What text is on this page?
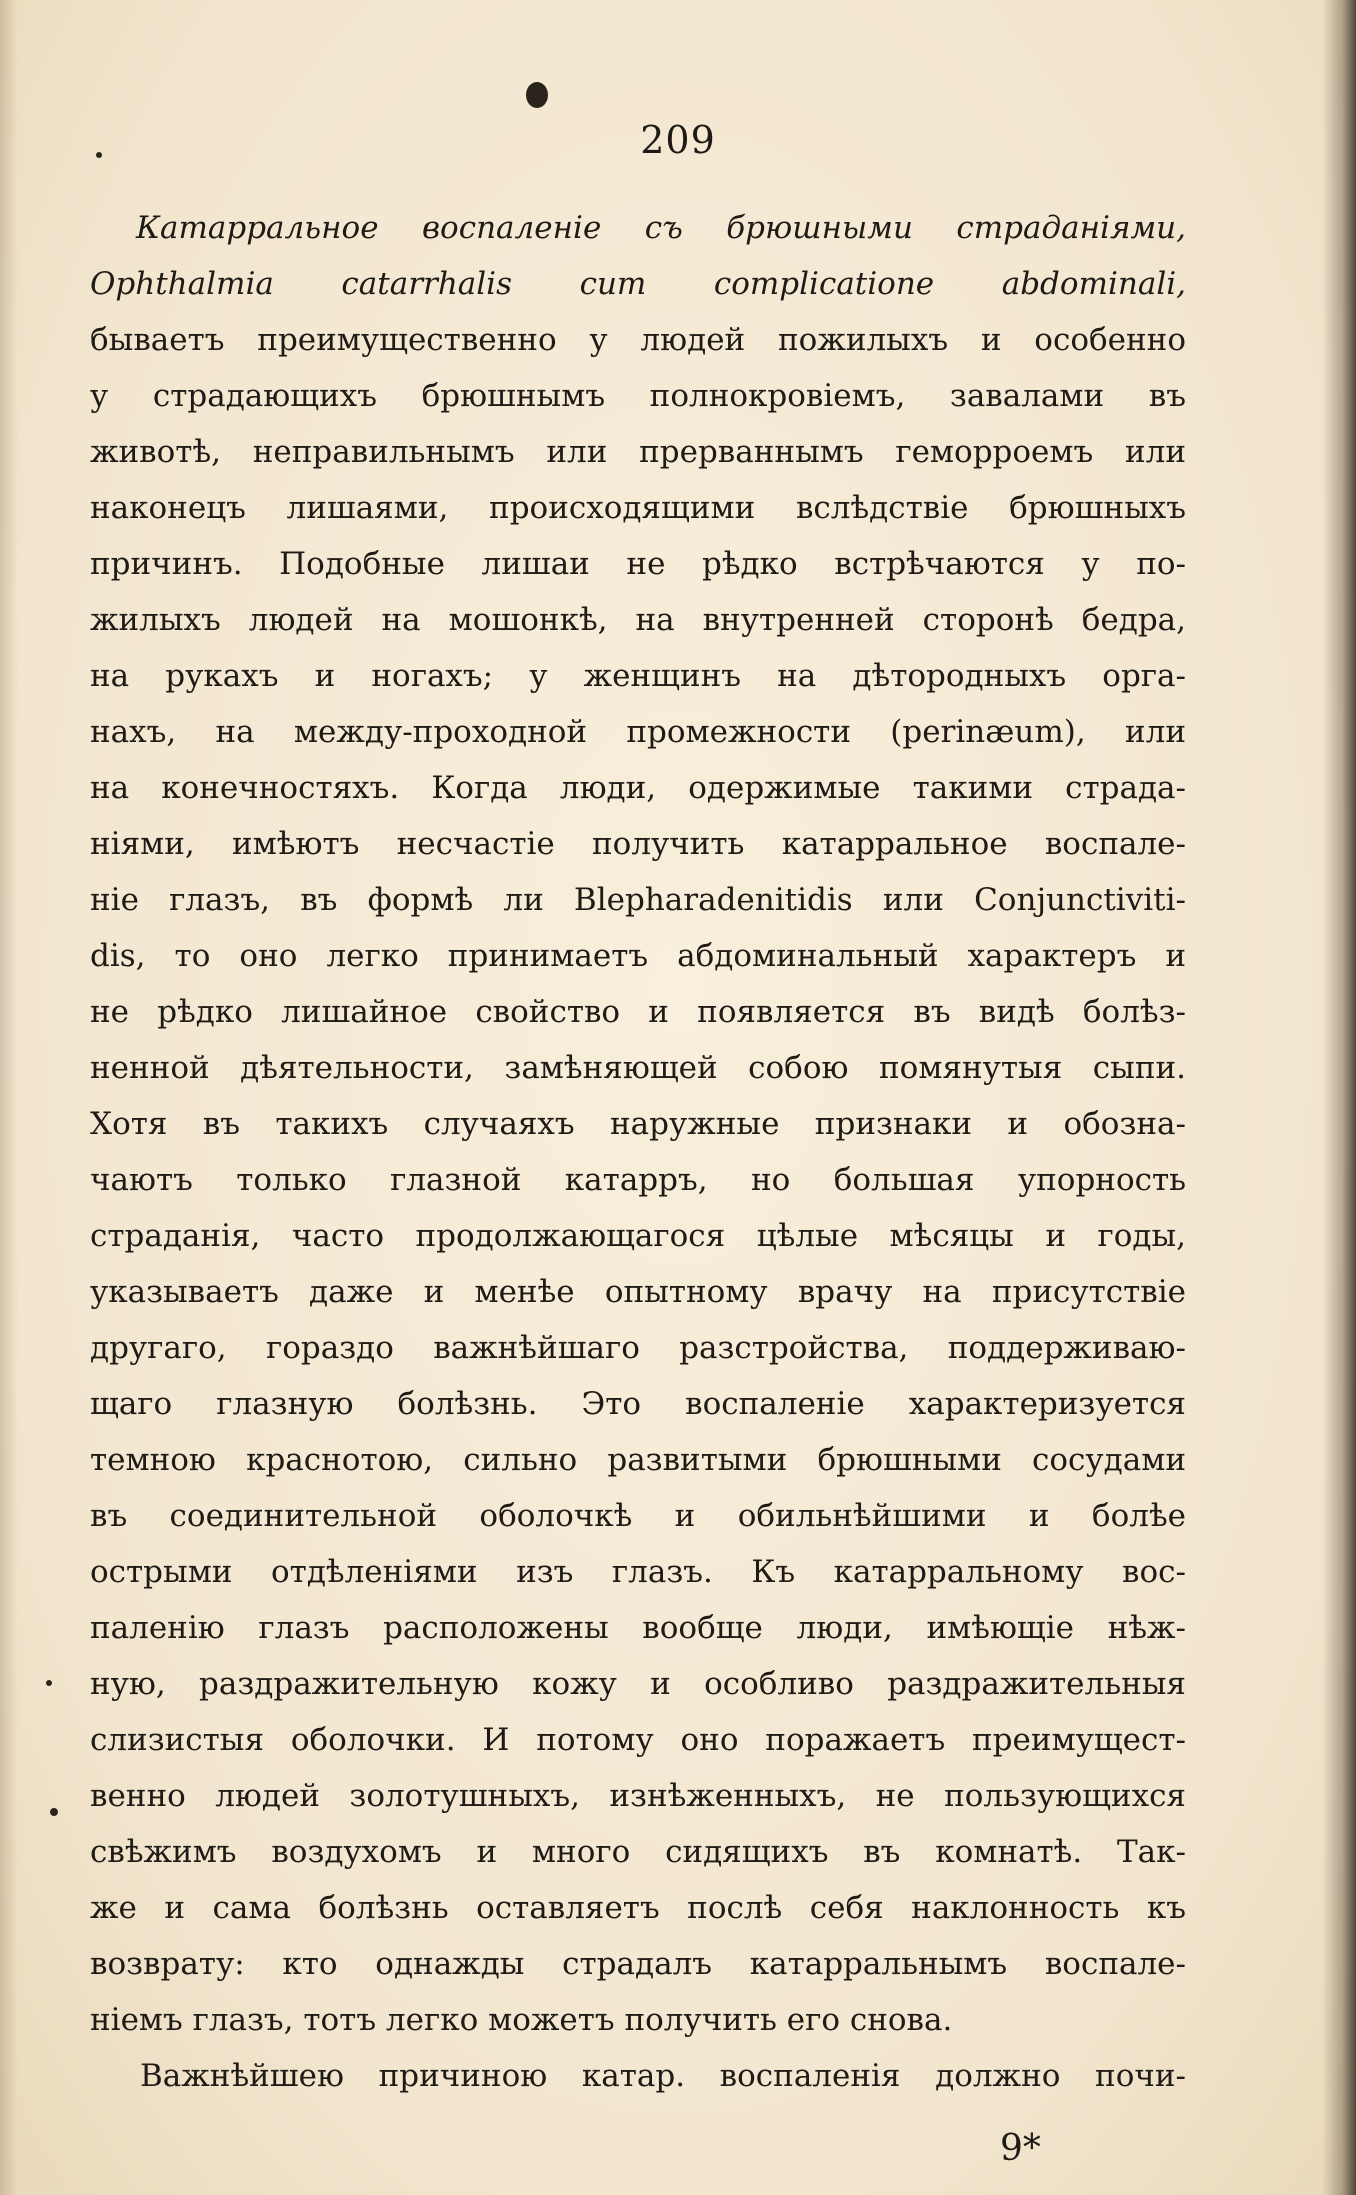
209
Катарральное воспаленіе съ брюшными страданіями,
Ophthalmia catarrhalis cum complicatione abdominali,
бываетъ преимущественно у людей пожилыхъ и особенно
у страдающихъ брюшнымъ полнокровіемъ, завалами въ
животѣ, неправильнымъ или прерваннымъ геморроемъ или
наконецъ лишаями, происходящими вслѣдствіе брюшныхъ
причинъ. Подобные лишаи не рѣдко встрѣчаются у по-
жилыхъ людей на мошонкѣ, на внутренней сторонѣ бедра,
на рукахъ и ногахъ; у женщинъ на дѣтородныхъ орга-
нахъ, на между-проходной промежности (perinæum), или
на конечностяхъ. Когда люди, одержимые такими страда-
ніями, имѣютъ несчастіе получить катарральное воспале-
ніе глазъ, въ формѣ ли Blepharadenitidis или Conjunctiviti-
dis, то оно легко принимаетъ абдоминальный характеръ и
не рѣдко лишайное свойство и появляется въ видѣ болѣз-
ненной дѣятельности, замѣняющей собою помянутыя сыпи.
Хотя въ такихъ случаяхъ наружные признаки и обозна-
чаютъ только глазной катарръ, но большая упорность
страданія, часто продолжающагося цѣлые мѣсяцы и годы,
указываетъ даже и менѣе опытному врачу на присутствіе
другаго, гораздо важнѣйшаго разстройства, поддерживаю-
щаго глазную болѣзнь. Это воспаленіе характеризуется
темною краснотою, сильно развитыми брюшными сосудами
въ соединительной оболочкѣ и обильнѣйшими и болѣе
острыми отдѣленіями изъ глазъ. Къ катарральному вос-
паленію глазъ расположены вообще люди, имѣющіе нѣж-
ную, раздражительную кожу и особливо раздражительныя
слизистыя оболочки. И потому оно поражаетъ преимущест-
венно людей золотушныхъ, изнѣженныхъ, не пользующихся
свѣжимъ воздухомъ и много сидящихъ въ комнатѣ. Так-
же и сама болѣзнь оставляетъ послѣ себя наклонность къ
возврату: кто однажды страдалъ катарральнымъ воспале-
ніемъ глазъ, тотъ легко можетъ получить его снова.
Важнѣйшею причиною катар. воспаленія должно почи-
9*
